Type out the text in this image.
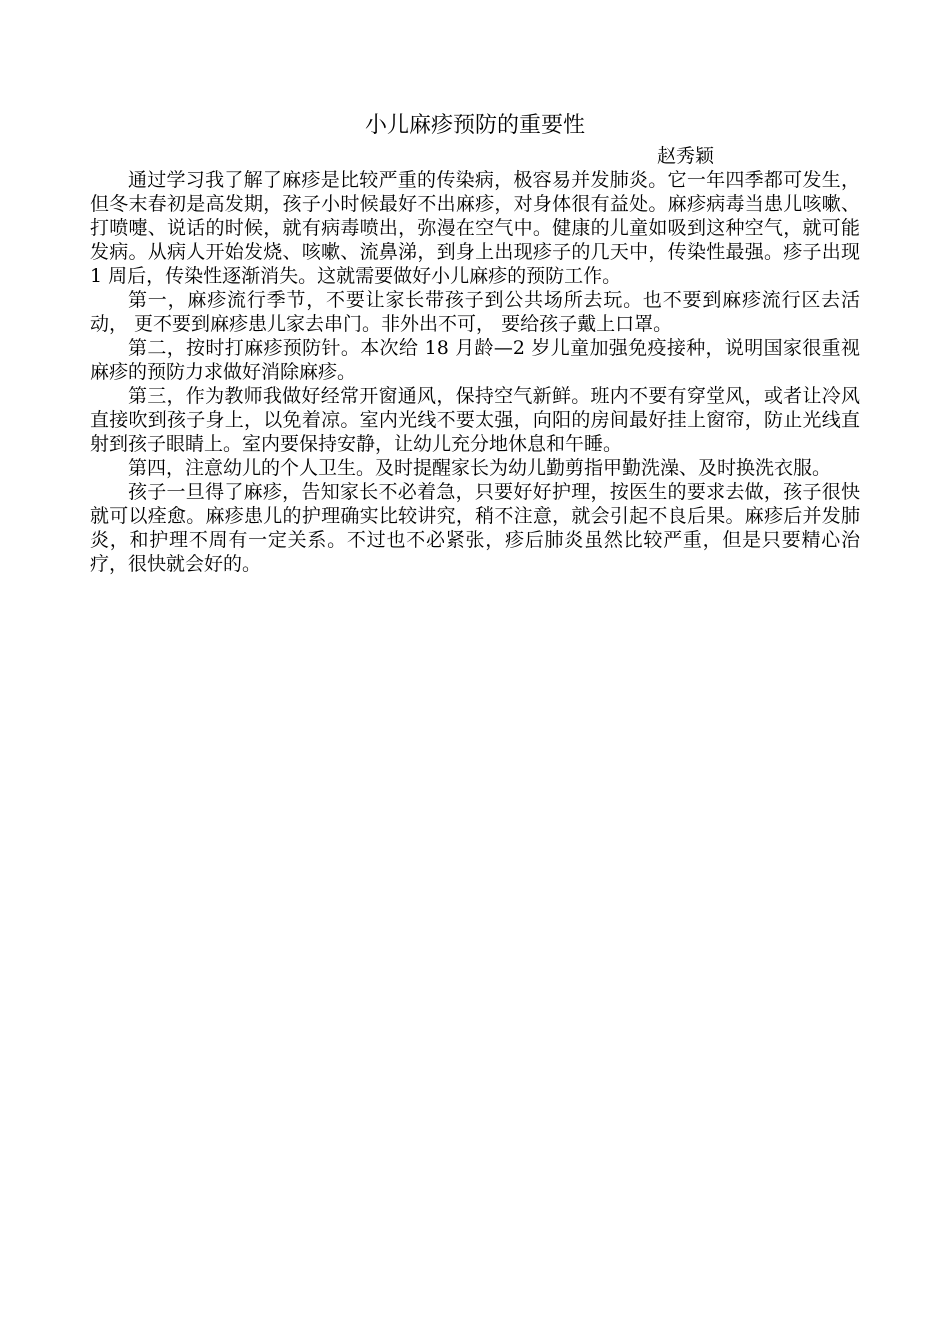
小儿麻疹预防的重要性
赵秀颖

通过学习我了解了麻疹是比较严重的传染病，极容易并发肺炎。它一年四季都可发生，但冬末春初是高发期，孩子小时候最好不出麻疹，对身体很有益处。麻疹病毒当患儿咳嗽、打喷嚏、说话的时候，就有病毒喷出，弥漫在空气中。健康的儿童如吸到这种空气，就可能发病。从病人开始发烧、咳嗽、流鼻涕，到身上出现疹子的几天中，传染性最强。疹子出现 1 周后，传染性逐渐消失。这就需要做好小儿麻疹的预防工作。

第一，麻疹流行季节，不要让家长带孩子到公共场所去玩。也不要到麻疹流行区去活动， 更不要到麻疹患儿家去串门。非外出不可， 要给孩子戴上口罩。

第二，按时打麻疹预防针。本次给 18 月龄—2 岁儿童加强免疫接种，说明国家很重视麻疹的预防力求做好消除麻疹。

第三，作为教师我做好经常开窗通风，保持空气新鲜。班内不要有穿堂风，或者让冷风直接吹到孩子身上，以免着凉。室内光线不要太强，向阳的房间最好挂上窗帘，防止光线直射到孩子眼睛上。室内要保持安静，让幼儿充分地休息和午睡。

第四，注意幼儿的个人卫生。及时提醒家长为幼儿勤剪指甲勤洗澡、及时换洗衣服。

孩子一旦得了麻疹，告知家长不必着急，只要好好护理，按医生的要求去做，孩子很快就可以痊愈。麻疹患儿的护理确实比较讲究，稍不注意，就会引起不良后果。麻疹后并发肺炎，和护理不周有一定关系。不过也不必紧张，疹后肺炎虽然比较严重，但是只要精心治疗，很快就会好的。
